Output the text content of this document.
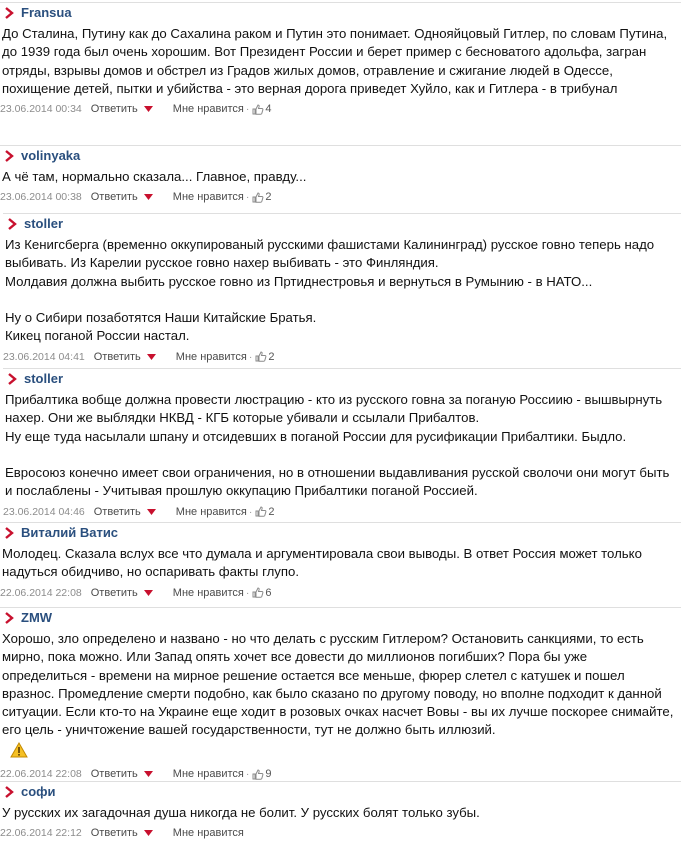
Fransua

До Сталина, Путину как до Сахалина раком и Путин это понимает. Однояйцовый Гитлер, по словам Путина, до 1939 года был очень хорошим. Вот Президент России и берет пример с бесноватого адольфа, загран отряды, взрывы домов и обстрел из Градов жилых домов, отравление и сжигание людей в Одессе, похищение детей, пытки и убийства - это верная дорога приведет Хуйло, как и Гитлера - в трибунал

23.06.2014 00:34 Ответить	Мне нравится · 4
volinyaka

А чё там, нормально сказала... Главное, правду...

23.06.2014 00:38 Ответить	Мне нравится · 2
stoller

Из Кенигсберга (временно оккупированый русскими фашистами Калининград) русское говно теперь надо выбивать. Из Карелии русское говно нахер выбивать - это Финляндия.
Молдавия должна выбить русское говно из Пртиднестровья и вернуться в Румынию - в НАТО...

Ну о Сибири позаботятся Наши Китайские Братья.
Кикец поганой России настал.

23.06.2014 04:41 Ответить	Мне нравится · 2
stoller

Прибалтика вобще должна провести люстрацию - кто из русского говна за поганую Россиию - вышвырнуть нахер. Они же выблядки НКВД - КГБ которые убивали и ссылали Прибалтов.
Ну еще туда насылали шпану и отсидевших в поганой России для русификации Прибалтики. Быдло.

Евросоюз конечно имеет свои ограничения, но в отношении выдавливания русской сволочи они могут быть и послаблены - Учитывая прошлую оккупацию Прибалтики поганой Россией.

23.06.2014 04:46 Ответить	Мне нравится · 2
Виталий Ватис

Молодец. Сказала вслух все что думала и аргументировала свои выводы. В ответ Россия может только надуться обидчиво, но оспаривать факты глупо.

22.06.2014 22:08 Ответить	Мне нравится · 6
ZMW

Хорошо, зло определено и названо - но что делать с русским Гитлером? Остановить санкциями, то есть мирно, пока можно. Или Запад опять хочет все довести до миллионов погибших? Пора бы уже определиться - времени на мирное решение остается все меньше, фюрер слетел с катушек и пошел вразнос. Промедление смерти подобно, как было сказано по другому поводу, но вполне подходит к данной ситуации. Если кто-то на Украине еще ходит в розовых очках насчет Вовы - вы их лучше поскорее снимайте, его цель - уничтожение вашей государственности, тут не должно быть иллюзий.

22.06.2014 22:08 Ответить	Мне нравится · 9
софи

У русских их загадочная душа никогда не болит. У русских болят только зубы.

22.06.2014 22:12 Ответить	Мне нравится
